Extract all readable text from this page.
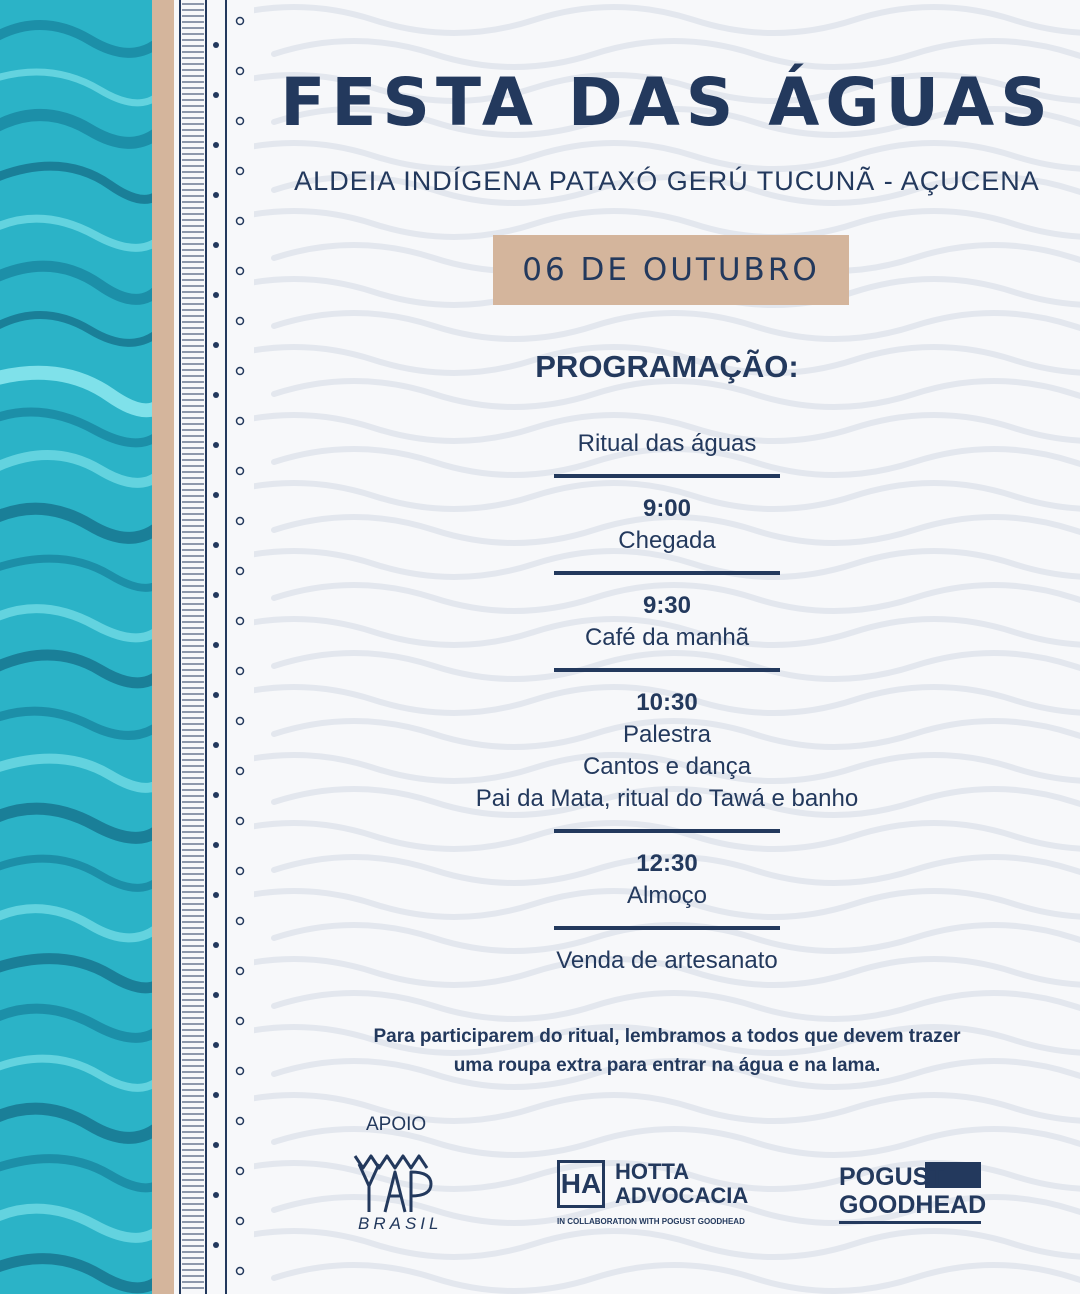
FESTA DAS ÁGUAS

ALDEIA INDÍGENA PATAXÓ GERÚ TUCUNÃ - AÇUCENA

06 DE OUTUBRO
PROGRAMAÇÃO:
Ritual das águas
9:00
Chegada
9:30
Café da manhã
10:30
Palestra
Cantos e dança
Pai da Mata, ritual do Tawá e banho
12:30
Almoço
Venda de artesanato

Para participarem do ritual, lembramos a todos que devem trazer
uma roupa extra para entrar na água e na lama.

APOIO

BRASIL
HA HOTTA
ADVOCACIA
IN COLLABORATION WITH POGUST GOODHEAD
POGUST
GOODHEAD
